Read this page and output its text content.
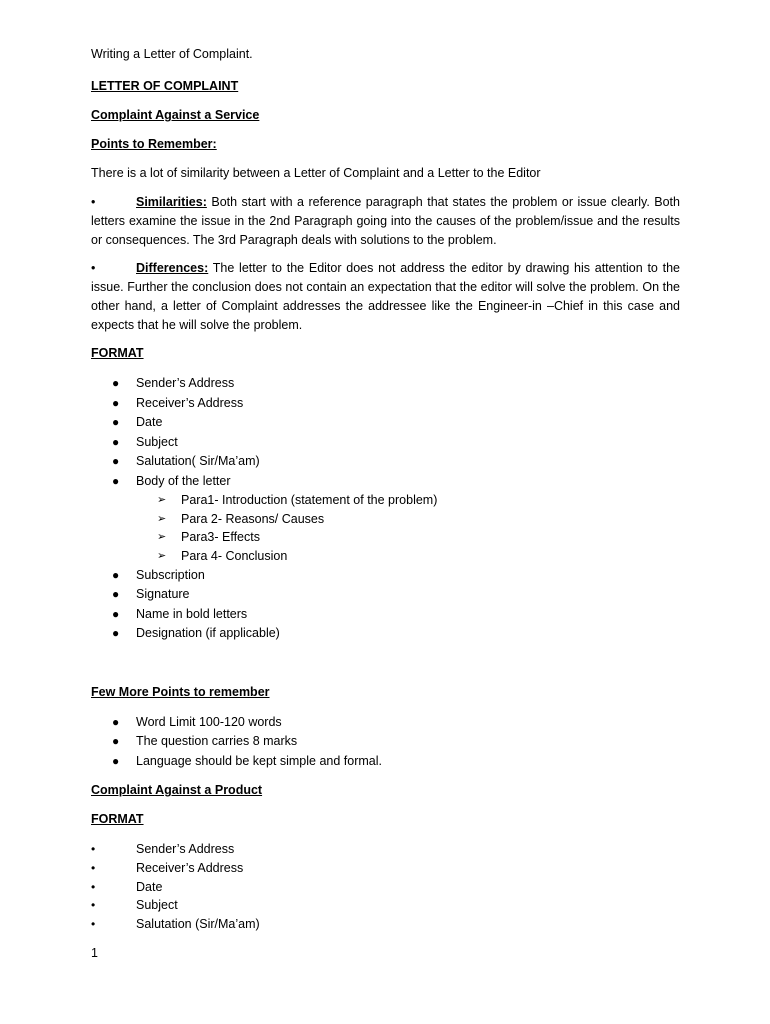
Writing a Letter of Complaint.

LETTER OF COMPLAINT

Complaint Against a Service

Points to Remember:

There is a lot of similarity between a Letter of Complaint and a Letter to the Editor

•	Similarities: Both start with a reference paragraph that states the problem or issue clearly. Both letters examine the issue in the 2nd Paragraph going into the causes of the problem/issue and the results or consequences. The 3rd Paragraph deals with solutions to the problem.

•	Differences: The letter to the Editor does not address the editor by drawing his attention to the issue. Further the conclusion does not contain an expectation that the editor will solve the problem. On the other hand, a letter of Complaint addresses the addressee like the Engineer-in –Chief in this case and expects that he will solve the problem.

FORMAT

● Sender’s Address
● Receiver’s Address
● Date
● Subject
● Salutation( Sir/Ma’am)
● Body of the letter
➢ Para1- Introduction (statement of the problem)
➢ Para 2- Reasons/ Causes
➢ Para3- Effects
➢ Para 4- Conclusion
● Subscription
● Signature
● Name in bold letters
● Designation (if applicable)

Few More Points to remember

● Word Limit 100-120 words
● The question carries 8 marks
● Language should be kept simple and formal.

Complaint Against a Product

FORMAT

•	Sender’s Address
•	Receiver’s Address
•	Date
•	Subject
•	Salutation (Sir/Ma’am)

1
